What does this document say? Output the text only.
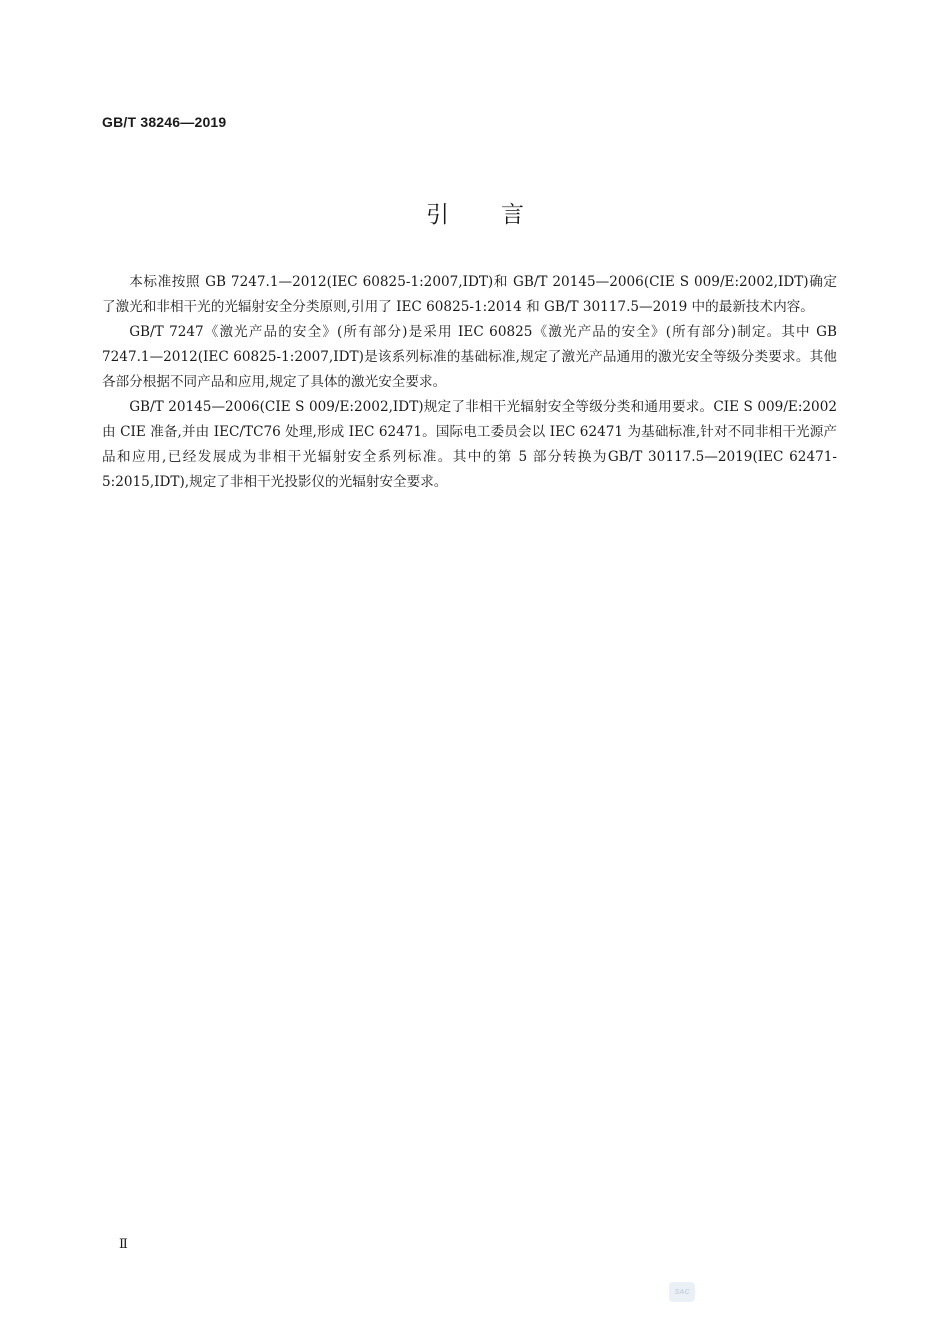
GB/T 38246—2019
引言

本标准按照 GB 7247.1—2012(IEC 60825-1:2007,IDT)和 GB/T 20145—2006(CIE S 009/E:2002,IDT)确定了激光和非相干光的光辐射安全分类原则,引用了 IEC 60825-1:2014 和 GB/T 30117.5—2019 中的最新技术内容。

GB/T 7247《激光产品的安全》(所有部分)是采用 IEC 60825《激光产品的安全》(所有部分)制定。其中 GB 7247.1—2012(IEC 60825-1:2007,IDT)是该系列标准的基础标准,规定了激光产品通用的激光安全等级分类要求。其他各部分根据不同产品和应用,规定了具体的激光安全要求。

GB/T 20145—2006(CIE S 009/E:2002,IDT)规定了非相干光辐射安全等级分类和通用要求。CIE S 009/E:2002 由 CIE 准备,并由 IEC/TC76 处理,形成 IEC 62471。国际电工委员会以 IEC 62471 为基础标准,针对不同非相干光源产品和应用,已经发展成为非相干光辐射安全系列标准。其中的第 5 部分转换为GB/T 30117.5—2019(IEC 62471-5:2015,IDT),规定了非相干光投影仪的光辐射安全要求。

Ⅱ
SAC
